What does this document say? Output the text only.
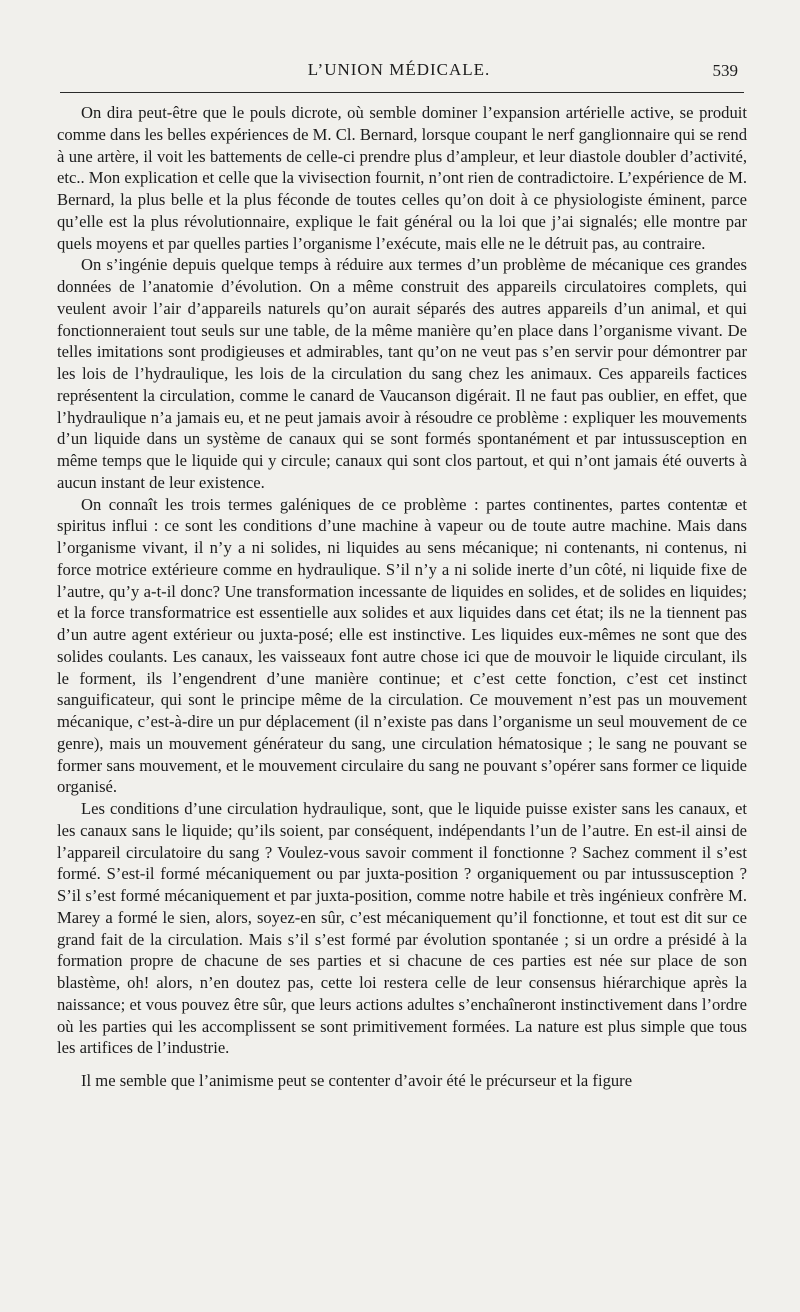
L’UNION MÉDICALE.	539

On dira peut-être que le pouls dicrote, où semble dominer l’expansion artérielle active, se produit comme dans les belles expériences de M. Cl. Bernard, lorsque coupant le nerf ganglionnaire qui se rend à une artère, il voit les battements de celle-ci prendre plus d’ampleur, et leur diastole doubler d’activité, etc.. Mon explication et celle que la vivisection fournit, n’ont rien de contradictoire. L’expérience de M. Bernard, la plus belle et la plus féconde de toutes celles qu’on doit à ce physiologiste éminent, parce qu’elle est la plus révolutionnaire, explique le fait général ou la loi que j’ai signalés; elle montre par quels moyens et par quelles parties l’organisme l’exécute, mais elle ne le détruit pas, au contraire.

On s’ingénie depuis quelque temps à réduire aux termes d’un problème de mécanique ces grandes données de l’anatomie d’évolution. On a même construit des appareils circulatoires complets, qui veulent avoir l’air d’appareils naturels qu’on aurait séparés des autres appareils d’un animal, et qui fonctionneraient tout seuls sur une table, de la même manière qu’en place dans l’organisme vivant. De telles imitations sont prodigieuses et admirables, tant qu’on ne veut pas s’en servir pour démontrer par les lois de l’hydraulique, les lois de la circulation du sang chez les animaux. Ces appareils factices représentent la circulation, comme le canard de Vaucanson digérait. Il ne faut pas oublier, en effet, que l’hydraulique n’a jamais eu, et ne peut jamais avoir à résoudre ce problème : expliquer les mouvements d’un liquide dans un système de canaux qui se sont formés spontanément et par intussusception en même temps que le liquide qui y circule; canaux qui sont clos partout, et qui n’ont jamais été ouverts à aucun instant de leur existence.

On connaît les trois termes galéniques de ce problème : partes continentes, partes contentæ et spiritus influi : ce sont les conditions d’une machine à vapeur ou de toute autre machine. Mais dans l’organisme vivant, il n’y a ni solides, ni liquides au sens mécanique; ni contenants, ni contenus, ni force motrice extérieure comme en hydraulique. S’il n’y a ni solide inerte d’un côté, ni liquide fixe de l’autre, qu’y a-t-il donc? Une transformation incessante de liquides en solides, et de solides en liquides; et la force transformatrice est essentielle aux solides et aux liquides dans cet état; ils ne la tiennent pas d’un autre agent extérieur ou juxta-posé; elle est instinctive. Les liquides eux-mêmes ne sont que des solides coulants. Les canaux, les vaisseaux font autre chose ici que de mouvoir le liquide circulant, ils le forment, ils l’engendrent d’une manière continue; et c’est cette fonction, c’est cet instinct sanguificateur, qui sont le principe même de la circulation. Ce mouvement n’est pas un mouvement mécanique, c’est-à-dire un pur déplacement (il n’existe pas dans l’organisme un seul mouvement de ce genre), mais un mouvement générateur du sang, une circulation hématosique ; le sang ne pouvant se former sans mouvement, et le mouvement circulaire du sang ne pouvant s’opérer sans former ce liquide organisé.

Les conditions d’une circulation hydraulique, sont, que le liquide puisse exister sans les canaux, et les canaux sans le liquide; qu’ils soient, par conséquent, indépendants l’un de l’autre. En est-il ainsi de l’appareil circulatoire du sang ? Voulez-vous savoir comment il fonctionne ? Sachez comment il s’est formé. S’est-il formé mécaniquement ou par juxta-position ? organiquement ou par intussusception ? S’il s’est formé mécaniquement et par juxta-position, comme notre habile et très ingénieux confrère M. Marey a formé le sien, alors, soyez-en sûr, c’est mécaniquement qu’il fonctionne, et tout est dit sur ce grand fait de la circulation. Mais s’il s’est formé par évolution spontanée ; si un ordre a présidé à la formation propre de chacune de ses parties et si chacune de ces parties est née sur place de son blastème, oh! alors, n’en doutez pas, cette loi restera celle de leur consensus hiérarchique après la naissance; et vous pouvez être sûr, que leurs actions adultes s’enchaîneront instinctivement dans l’ordre où les parties qui les accomplissent se sont primitivement formées. La nature est plus simple que tous les artifices de l’industrie.

Il me semble que l’animisme peut se contenter d’avoir été le précurseur et la figure
